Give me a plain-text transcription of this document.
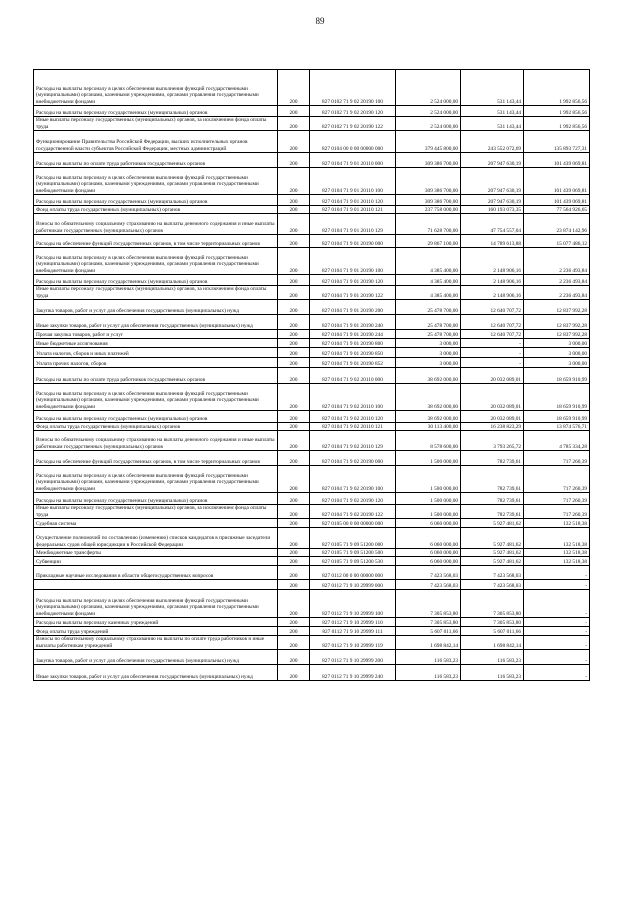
89
Расходы на выплаты персоналу в целях обеспечения выполнения функций государственными (муниципальными) органами, казенными учреждениями, органами управления государственными внебюджетными фондами	200	827 0102 71 9 02 20190 100	2 524 000,00	531 143,44	1 992 856,56
Расходы на выплаты персоналу государственных (муниципальных) органов	200	827 0102 71 9 02 20190 120	2 524 000,00	531 143,44	1 992 856,56
Иные выплаты персоналу государственных (муниципальных) органов, за исключением фонда оплаты труда	200	827 0102 71 9 02 20190 122	2 524 000,00	531 143,44	1 992 856,56
Функционирование Правительства Российской Федерации, высших исполнительных органов государственной власти субъектов Российской Федерации, местных администраций	200	827 0104 00 0 00 00000 000	379 445 800,00	243 552 072,69	135 893 727,31
Расходы на выплаты по оплате труда работников государственных органов	200	827 0104 71 9 01 20110 000	309 386 700,00	207 947 630,19	101 439 069,81
Расходы на выплаты персоналу в целях обеспечения выполнения функций государственными (муниципальными) органами, казенными учреждениями, органами управления государственными внебюджетными фондами	200	827 0104 71 9 01 20110 100	309 386 700,00	207 947 630,19	101 439 069,81
Расходы на выплаты персоналу государственных (муниципальных) органов	200	827 0104 71 9 01 20110 120	309 386 700,00	207 947 630,19	101 439 069,81
Фонд оплаты труда государственных (муниципальных) органов	200	827 0104 71 9 01 20110 121	237 758 000,00	160 193 073,35	77 564 926,65
Взносы по обязательному социальному страхованию на выплаты денежного содержания и иные выплаты работникам государственных (муниципальных) органов	200	827 0104 71 9 01 20110 129	71 628 700,00	47 754 557,04	23 874 142,96
Расходы на обеспечение функций государственных органов, в том числе территориальных органов	200	827 0104 71 9 01 20190 000	29 867 100,00	14 789 613,88	15 077 486,12
Расходы на выплаты персоналу в целях обеспечения выполнения функций государственными (муниципальными) органами, казенными учреждениями, органами управления государственными внебюджетными фондами	200	827 0104 71 9 01 20190 100	4 385 400,00	2 148 906,16	2 236 493,84
Расходы на выплаты персоналу государственных (муниципальных) органов	200	827 0104 71 9 01 20190 120	4 385 400,00	2 148 906,16	2 236 493,84
Иные выплаты персоналу государственных (муниципальных) органов, за исключением фонда оплаты труда	200	827 0104 71 9 01 20190 122	4 385 400,00	2 148 906,16	2 236 493,84
Закупка товаров, работ и услуг для обеспечения государственных (муниципальных) нужд	200	827 0104 71 9 01 20190 200	25 478 700,00	12 640 707,72	12 837 992,28
Иные закупки товаров, работ и услуг для обеспечения государственных (муниципальных) нужд	200	827 0104 71 9 01 20190 240	25 478 700,00	12 640 707,72	12 837 992,28
Прочая закупка товаров, работ и услуг	200	827 0104 71 9 01 20190 244	25 478 700,00	12 640 707,72	12 837 992,28
Иные бюджетные ассигнования	200	827 0104 71 9 01 20190 800	3 000,00	-	3 000,00
Уплата налогов, сборов и иных платежей	200	827 0104 71 9 01 20190 850	3 000,00	-	3 000,00
Уплата прочих налогов, сборов	200	827 0104 71 9 01 20190 852	3 000,00	-	3 000,00
Расходы на выплаты по оплате труда работников государственных органов	200	827 0104 71 9 02 20110 000	38 692 000,00	20 032 089,01	18 659 910,99
Расходы на выплаты персоналу в целях обеспечения выполнения функций государственными (муниципальными) органами, казенными учреждениями, органами управления государственными внебюджетными фондами	200	827 0104 71 9 02 20110 100	38 692 000,00	20 032 089,01	18 659 910,99
Расходы на выплаты персоналу государственных (муниципальных) органов	200	827 0104 71 9 02 20110 120	38 692 000,00	20 032 089,01	18 659 910,99
Фонд оплаты труда государственных (муниципальных) органов	200	827 0104 71 9 02 20110 121	30 113 400,00	16 238 823,29	13 874 576,71
Взносы по обязательному социальному страхованию на выплаты денежного содержания и иные выплаты работникам государственных (муниципальных) органов	200	827 0104 71 9 02 20110 129	8 578 600,00	3 793 265,72	4 785 334,28
Расходы на обеспечение функций государственных органов, в том числе территориальных органов	200	827 0104 71 9 02 20190 000	1 500 000,00	782 739,61	717 260,39
Расходы на выплаты персоналу в целях обеспечения выполнения функций государственными (муниципальными) органами, казенными учреждениями, органами управления государственными внебюджетными фондами	200	827 0104 71 9 02 20190 100	1 500 000,00	782 739,61	717 260,39
Расходы на выплаты персоналу государственных (муниципальных) органов	200	827 0104 71 9 02 20190 120	1 500 000,00	782 739,61	717 260,39
Иные выплаты персоналу государственных (муниципальных) органов, за исключением фонда оплаты труда	200	827 0104 71 9 02 20190 122	1 500 000,00	782 739,61	717 260,39
Судебная система	200	827 0105 00 0 00 00000 000	6 060 000,00	5 927 481,62	132 518,38
Осуществление полномочий по составлению (изменению) списков кандидатов в присяжные заседатели федеральных судов общей юрисдикции в Российской Федерации	200	827 0105 71 9 09 51200 000	6 060 000,00	5 927 481,62	132 518,38
Межбюджетные трансферты	200	827 0105 71 9 09 51200 500	6 060 000,00	5 927 481,62	132 518,38
Субвенции	200	827 0105 71 9 09 51200 530	6 060 000,00	5 927 481,62	132 518,38
Прикладные научные исследования в области общегосударственных вопросов	200	827 0112 00 0 00 00000 000	7 423 568,03	7 423 568,03	-
	200	827 0112 71 9 10 29999 000	7 423 568,03	7 423 568,03	-
Расходы на выплаты персоналу в целях обеспечения выполнения функций государственными (муниципальными) органами, казенными учреждениями, органами управления государственными внебюджетными фондами	200	827 0112 71 9 10 29999 100	7 305 853,80	7 305 853,80	-
Расходы на выплаты персоналу казенных учреждений	200	827 0112 71 9 10 29999 110	7 305 853,80	7 305 853,80	-
Фонд оплаты труда учреждений	200	827 0112 71 9 10 29999 111	5 607 011,66	5 607 011,66	-
Взносы по обязательному социальному страхованию на выплаты по оплате труда работников и иные выплаты работникам учреждений	200	827 0112 71 9 10 29999 119	1 698 842,14	1 698 842,14	-
Закупка товаров, работ и услуг для обеспечения государственных (муниципальных) нужд	200	827 0112 71 9 10 29999 200	116 583,23	116 583,23	-
Иные закупки товаров, работ и услуг для обеспечения государственных (муниципальных) нужд	200	827 0112 71 9 10 29999 240	116 583,23	116 583,23	-
